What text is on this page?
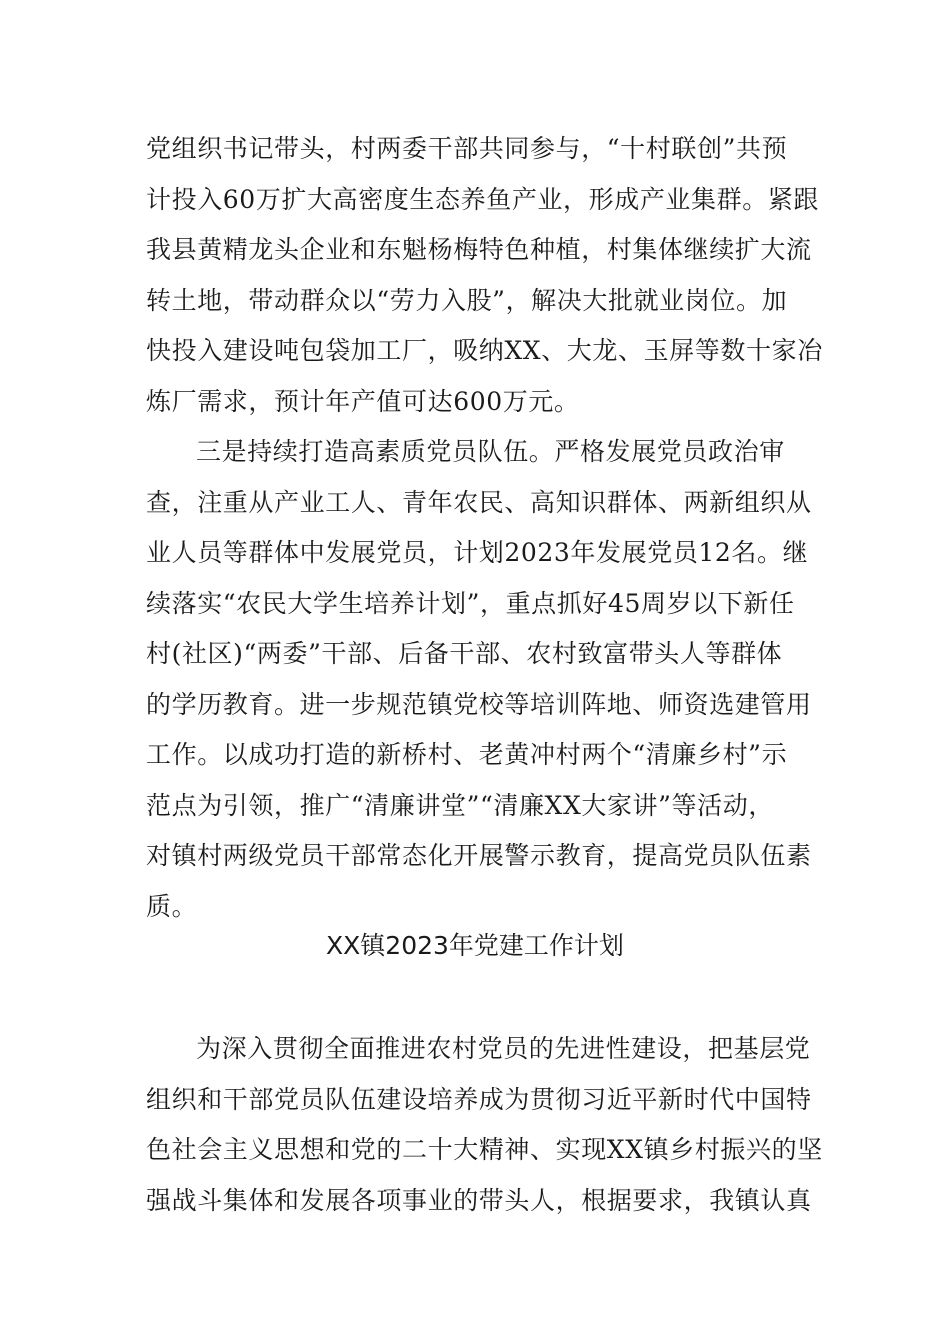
党组织书记带头，村两委干部共同参与，“十村联创”共预
计投入60万扩大高密度生态养鱼产业，形成产业集群。紧跟
我县黄精龙头企业和东魁杨梅特色种植，村集体继续扩大流
转土地，带动群众以“劳力入股”，解决大批就业岗位。加
快投入建设吨包袋加工厂，吸纳XX、大龙、玉屏等数十家冶
炼厂需求，预计年产值可达600万元。
三是持续打造高素质党员队伍。严格发展党员政治审
查，注重从产业工人、青年农民、高知识群体、两新组织从
业人员等群体中发展党员，计划2023年发展党员12名。继
续落实“农民大学生培养计划”，重点抓好45周岁以下新任
村(社区)“两委”干部、后备干部、农村致富带头人等群体
的学历教育。进一步规范镇党校等培训阵地、师资选建管用
工作。以成功打造的新桥村、老黄冲村两个“清廉乡村”示
范点为引领，推广“清廉讲堂”“清廉XX大家讲”等活动，
对镇村两级党员干部常态化开展警示教育，提高党员队伍素
质。
XX镇2023年党建工作计划
为深入贯彻全面推进农村党员的先进性建设，把基层党
组织和干部党员队伍建设培养成为贯彻习近平新时代中国特
色社会主义思想和党的二十大精神、实现XX镇乡村振兴的坚
强战斗集体和发展各项事业的带头人，根据要求，我镇认真
